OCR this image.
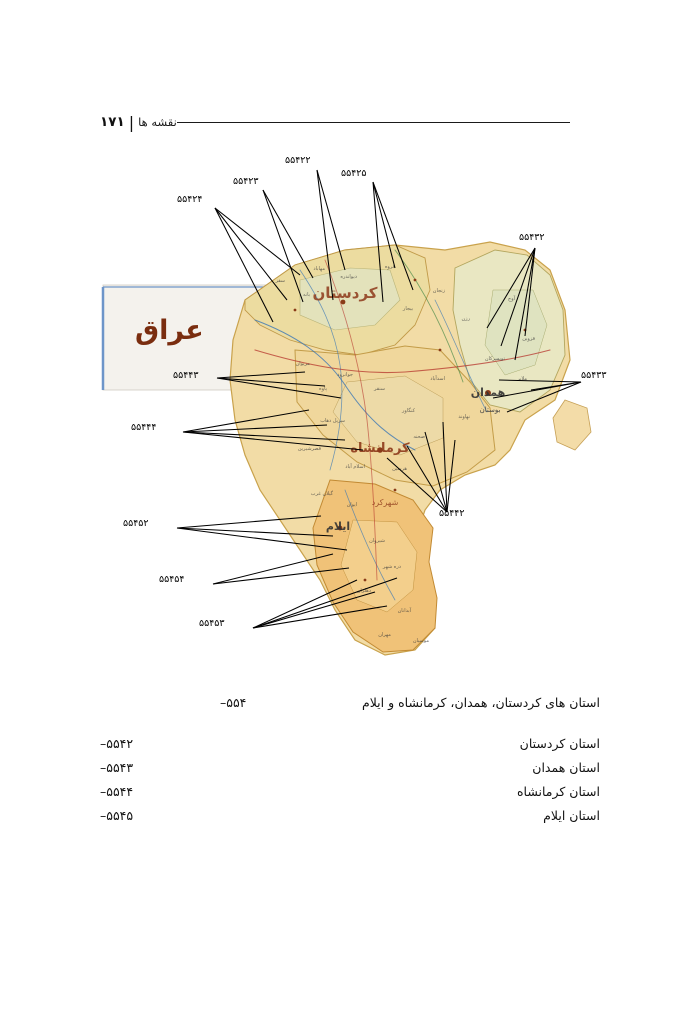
۱۷۱ | نقشه ها
کردستان
کرمانشاه
همدان
ایلام
بوستان
شهرکرد
سقز
بانه
مهاباد
دیواندره
قروه
بیجار
زنجان
رزن
آوج
قزوین
ملایر
تویسرکان
نهاوند
اسدآباد
مریوان
پاوه
جوانرود
سنقر
کنگاور
صحنه
سرپل ذهاب
قصرشیرین
اسلام آباد	هرسین
گیلان غرب
ایوان
شیروان
دره شهر
دهلران
آبدانان
مهران
موسیان
عراق
۵۵۴۲۴
۵۵۴۲۳
۵۵۴۲۲
۵۵۴۲۵
۵۵۴۳۲
۵۵۴۳۳
۵۵۴۴۳
۵۵۴۴۴
۵۵۴۴۲
۵۵۴۵۲
۵۵۴۵۴
۵۵۴۵۳
استان های کردستان، همدان، کرمانشاه و ایلام
–۵۵۴
استان کردستان
–۵۵۴۲
استان همدان
–۵۵۴۳
استان کرمانشاه
–۵۵۴۴
استان ایلام
–۵۵۴۵
